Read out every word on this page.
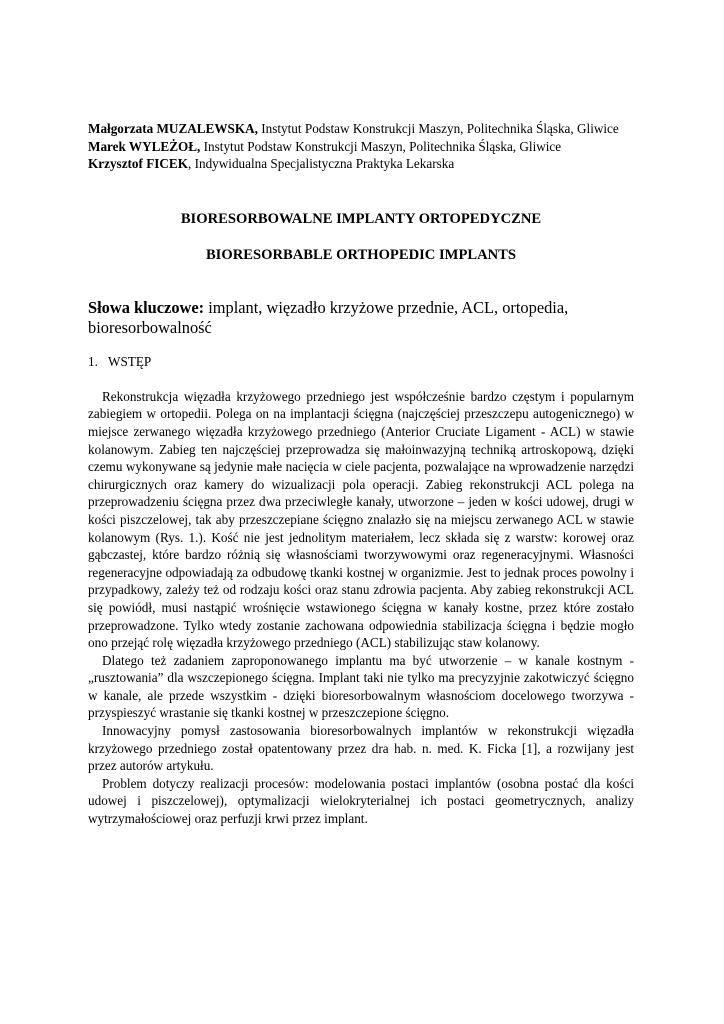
Małgorzata MUZALEWSKA, Instytut Podstaw Konstrukcji Maszyn, Politechnika Śląska, Gliwice

Marek WYLEŻOŁ, Instytut Podstaw Konstrukcji Maszyn, Politechnika Śląska, Gliwice

Krzysztof FICEK, Indywidualna Specjalistyczna Praktyka Lekarska

BIORESORBOWALNE IMPLANTY ORTOPEDYCZNE
BIORESORBABLE ORTHOPEDIC IMPLANTS
Słowa kluczowe: implant, więzadło krzyżowe przednie, ACL, ortopedia, bioresorbowalność
1. WSTĘP

Rekonstrukcja więzadła krzyżowego przedniego jest współcześnie bardzo częstym i popularnym zabiegiem w ortopedii. Polega on na implantacji ścięgna (najczęściej przeszczepu autogenicznego) w miejsce zerwanego więzadła krzyżowego przedniego (Anterior Cruciate Ligament - ACL) w stawie kolanowym. Zabieg ten najczęściej przeprowadza się małoinwazyjną techniką artroskopową, dzięki czemu wykonywane są jedynie małe nacięcia w ciele pacjenta, pozwalające na wprowadzenie narzędzi chirurgicznych oraz kamery do wizualizacji pola operacji. Zabieg rekonstrukcji ACL polega na przeprowadzeniu ścięgna przez dwa przeciwległe kanały, utworzone – jeden w kości udowej, drugi w kości piszczelowej, tak aby przeszczepiane ścięgno znalazło się na miejscu zerwanego ACL w stawie kolanowym (Rys. 1.). Kość nie jest jednolitym materiałem, lecz składa się z warstw: korowej oraz gąbczastej, które bardzo różnią się własnościami tworzywowymi oraz regeneracyjnymi. Własności regeneracyjne odpowiadają za odbudowę tkanki kostnej w organizmie. Jest to jednak proces powolny i przypadkowy, zależy też od rodzaju kości oraz stanu zdrowia pacjenta. Aby zabieg rekonstrukcji ACL się powiódł, musi nastąpić wrośnięcie wstawionego ścięgna w kanały kostne, przez które zostało przeprowadzone. Tylko wtedy zostanie zachowana odpowiednia stabilizacja ścięgna i będzie mogło ono przejąć rolę więzadła krzyżowego przedniego (ACL) stabilizując staw kolanowy.

Dlatego też zadaniem zaproponowanego implantu ma być utworzenie – w kanale kostnym - „rusztowania” dla wszczepionego ścięgna. Implant taki nie tylko ma precyzyjnie zakotwiczyć ścięgno w kanale, ale przede wszystkim - dzięki bioresorbowalnym własnościom docelowego tworzywa - przyspieszyć wrastanie się tkanki kostnej w przeszczepione ścięgno.

Innowacyjny pomysł zastosowania bioresorbowalnych implantów w rekonstrukcji więzadła krzyżowego przedniego został opatentowany przez dra hab. n. med. K. Ficka [1], a rozwijany jest przez autorów artykułu.

Problem dotyczy realizacji procesów: modelowania postaci implantów (osobna postać dla kości udowej i piszczelowej), optymalizacji wielokryterialnej ich postaci geometrycznych, analizy wytrzymałościowej oraz perfuzji krwi przez implant.
